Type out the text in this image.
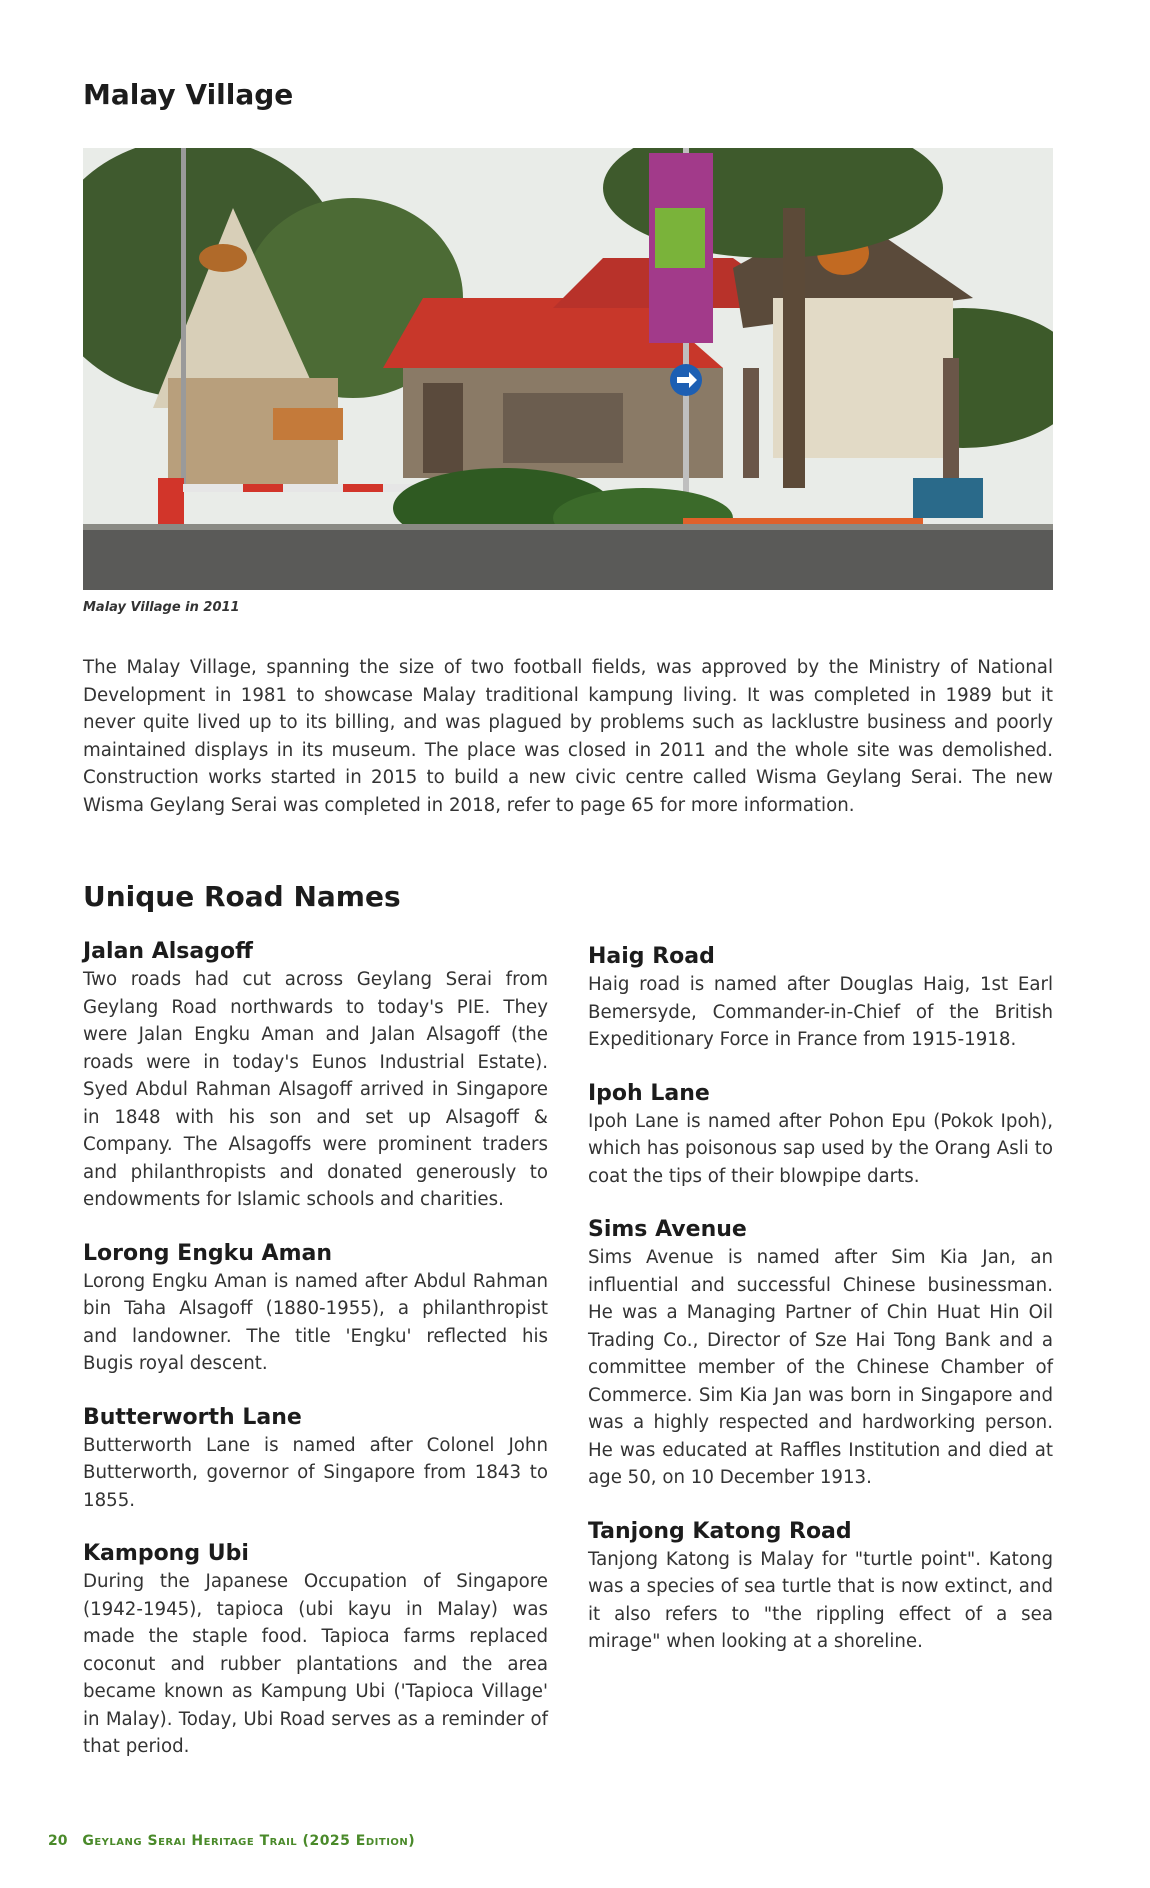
Malay Village
Malay Village in 2011

The Malay Village, spanning the size of two football fields, was approved by the Ministry of National Development in 1981 to showcase Malay traditional kampung living. It was completed in 1989 but it never quite lived up to its billing, and was plagued by problems such as lacklustre business and poorly maintained displays in its museum. The place was closed in 2011 and the whole site was demolished. Construction works started in 2015 to build a new civic centre called Wisma Geylang Serai. The new Wisma Geylang Serai was completed in 2018, refer to page 65 for more information.

Unique Road Names
Jalan Alsagoff

Two roads had cut across Geylang Serai from Geylang Road northwards to today's PIE. They were Jalan Engku Aman and Jalan Alsagoff (the roads were in today's Eunos Industrial Estate). Syed Abdul Rahman Alsagoff arrived in Singapore in 1848 with his son and set up Alsagoff & Company. The Alsagoffs were prominent traders and philanthropists and donated generously to endowments for Islamic schools and charities.

Lorong Engku Aman

Lorong Engku Aman is named after Abdul Rahman bin Taha Alsagoff (1880-1955), a philanthropist and landowner. The title 'Engku' reflected his Bugis royal descent.

Butterworth Lane

Butterworth Lane is named after Colonel John Butterworth, governor of Singapore from 1843 to 1855.

Kampong Ubi

During the Japanese Occupation of Singapore (1942-1945), tapioca (ubi kayu in Malay) was made the staple food. Tapioca farms replaced coconut and rubber plantations and the area became known as Kampung Ubi ('Tapioca Village' in Malay). Today, Ubi Road serves as a reminder of that period.

Haig Road

Haig road is named after Douglas Haig, 1st Earl Bemersyde, Commander-in-Chief of the British Expeditionary Force in France from 1915-1918.

Ipoh Lane

Ipoh Lane is named after Pohon Epu (Pokok Ipoh), which has poisonous sap used by the Orang Asli to coat the tips of their blowpipe darts.

Sims Avenue

Sims Avenue is named after Sim Kia Jan, an influential and successful Chinese businessman. He was a Managing Partner of Chin Huat Hin Oil Trading Co., Director of Sze Hai Tong Bank and a committee member of the Chinese Chamber of Commerce. Sim Kia Jan was born in Singapore and was a highly respected and hardworking person. He was educated at Raffles Institution and died at age 50, on 10 December 1913.

Tanjong Katong Road

Tanjong Katong is Malay for "turtle point". Katong was a species of sea turtle that is now extinct, and it also refers to "the rippling effect of a sea mirage" when looking at a shoreline.

20 Geylang Serai Heritage Trail (2025 Edition)
